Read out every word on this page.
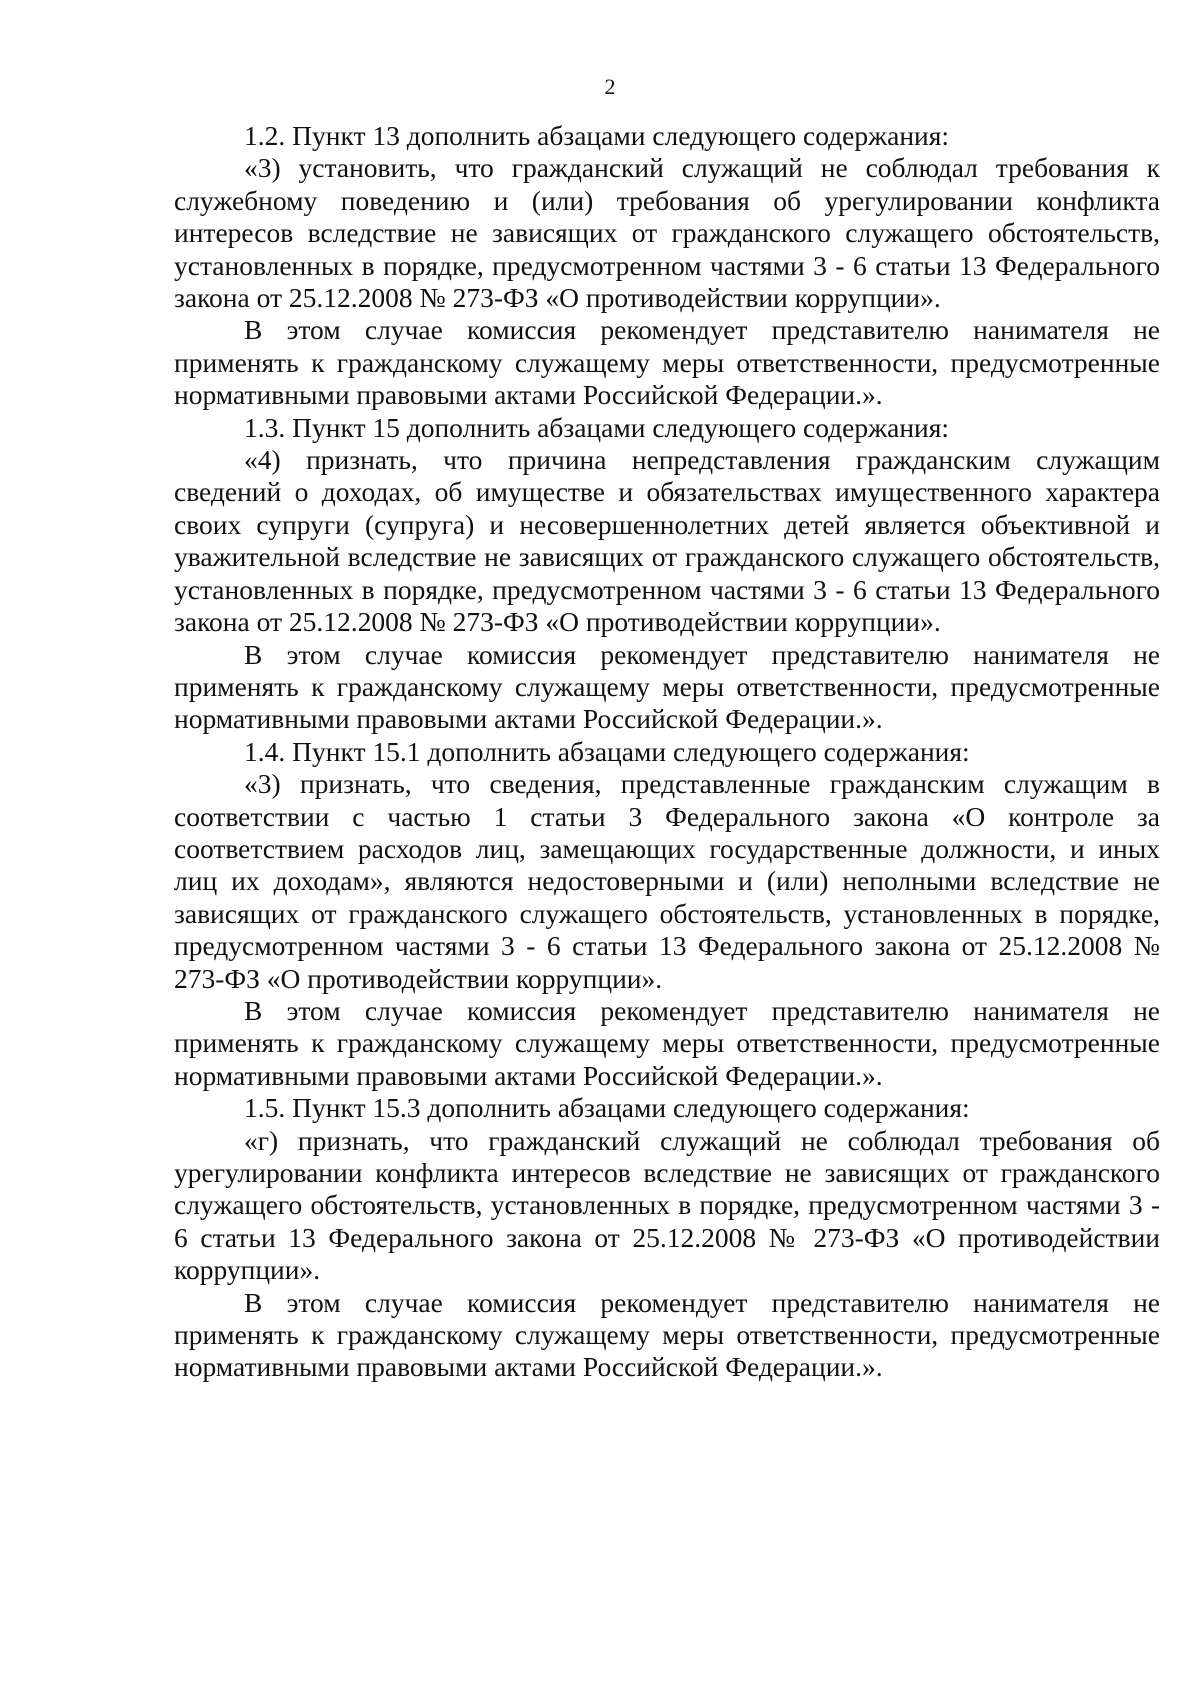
2

1.2. Пункт 13 дополнить абзацами следующего содержания:

«3) установить, что гражданский служащий не соблюдал требования к служебному поведению и (или) требования об урегулировании конфликта интересов вследствие не зависящих от гражданского служащего обстоятельств, установленных в порядке, предусмотренном частями 3 - 6 статьи 13 Федерального закона от 25.12.2008 № 273-ФЗ «О противодействии коррупции».

В этом случае комиссия рекомендует представителю нанимателя не применять к гражданскому служащему меры ответственности, предусмотренные нормативными правовыми актами Российской Федерации.».

1.3. Пункт 15 дополнить абзацами следующего содержания:

«4) признать, что причина непредставления гражданским служащим сведений о доходах, об имуществе и обязательствах имущественного характера своих супруги (супруга) и несовершеннолетних детей является объективной и уважительной вследствие не зависящих от гражданского служащего обстоятельств, установленных в порядке, предусмотренном частями 3 - 6 статьи 13 Федерального закона от 25.12.2008 № 273-ФЗ «О противодействии коррупции».

В этом случае комиссия рекомендует представителю нанимателя не применять к гражданскому служащему меры ответственности, предусмотренные нормативными правовыми актами Российской Федерации.».

1.4. Пункт 15.1 дополнить абзацами следующего содержания:

«3) признать, что сведения, представленные гражданским служащим в соответствии с частью 1 статьи 3 Федерального закона «О контроле за соответствием расходов лиц, замещающих государственные должности, и иных лиц их доходам», являются недостоверными и (или) неполными вследствие не зависящих от гражданского служащего обстоятельств, установленных в порядке, предусмотренном частями 3 - 6 статьи 13 Федерального закона от 25.12.2008 № 273-ФЗ «О противодействии коррупции».

В этом случае комиссия рекомендует представителю нанимателя не применять к гражданскому служащему меры ответственности, предусмотренные нормативными правовыми актами Российской Федерации.».

1.5. Пункт 15.3 дополнить абзацами следующего содержания:

«г) признать, что гражданский служащий не соблюдал требования об урегулировании конфликта интересов вследствие не зависящих от гражданского служащего обстоятельств, установленных в порядке, предусмотренном частями 3 - 6 статьи 13 Федерального закона от 25.12.2008 № 273-ФЗ «О противодействии коррупции».

В этом случае комиссия рекомендует представителю нанимателя не применять к гражданскому служащему меры ответственности, предусмотренные нормативными правовыми актами Российской Федерации.».
